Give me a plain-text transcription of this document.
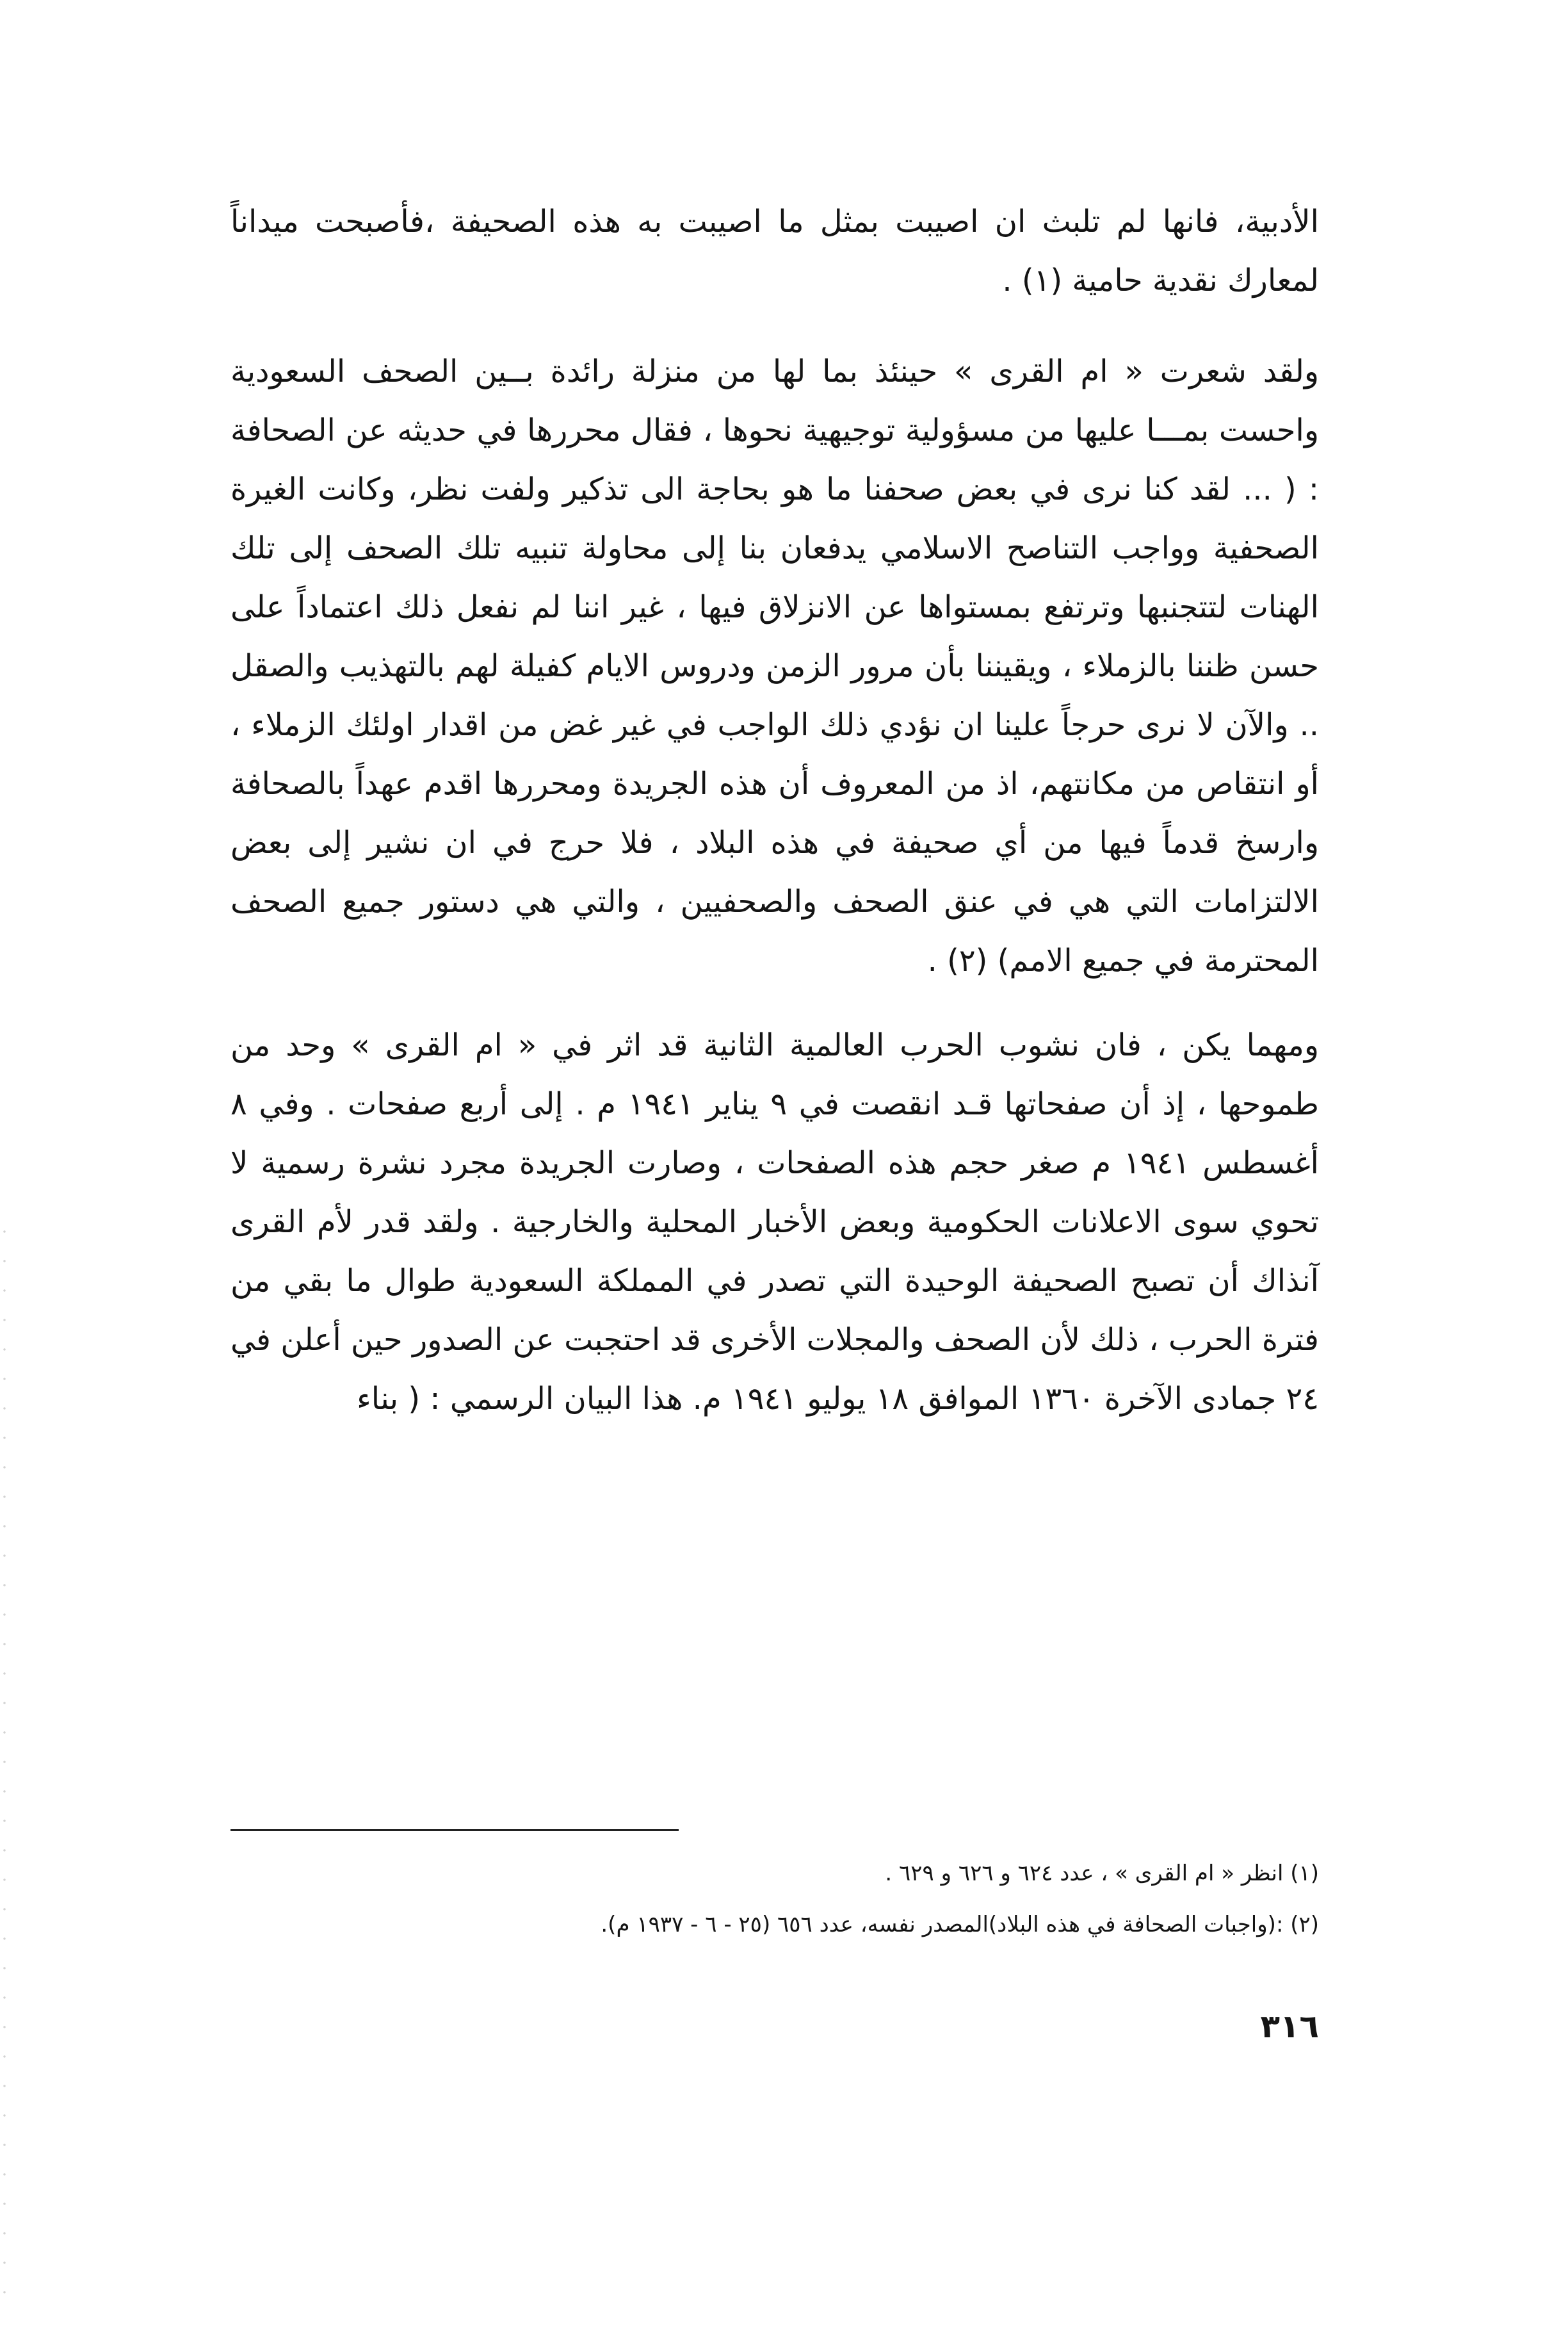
الأدبية، فانها لم تلبث ان اصيبت بمثل ما اصيبت به هذه الصحيفة ،فأصبحت ميداناً لمعارك نقدية حامية (١) .

ولقد شعرت « ام القرى » حينئذ بما لها من منزلة رائدة بــين الصحف السعودية واحست بمـــا عليها من مسؤولية توجيهية نحوها ، فقال محررها في حديثه عن الصحافة : ( ... لقد كنا نرى في بعض صحفنا ما هو بحاجة الى تذكير ولفت نظر، وكانت الغيرة الصحفية وواجب التناصح الاسلامي يدفعان بنا إلى محاولة تنبيه تلك الصحف إلى تلك الهنات لتتجنبها وترتفع بمستواها عن الانزلاق فيها ، غير اننا لم نفعل ذلك اعتماداً على حسن ظننا بالزملاء ، ويقيننا بأن مرور الزمن ودروس الايام كفيلة لهم بالتهذيب والصقل .. والآن لا نرى حرجاً علينا ان نؤدي ذلك الواجب في غير غض من اقدار اولئك الزملاء ، أو انتقاص من مكانتهم، اذ من المعروف أن هذه الجريدة ومحررها اقدم عهداً بالصحافة وارسخ قدماً فيها من أي صحيفة في هذه البلاد ، فلا حرج في ان نشير إلى بعض الالتزامات التي هي في عنق الصحف والصحفيين ، والتي هي دستور جميع الصحف المحترمة في جميع الامم) (٢) .

ومهما يكن ، فان نشوب الحرب العالمية الثانية قد اثر في « ام القرى » وحد من طموحها ، إذ أن صفحاتها قـد انقصت في ٩ يناير ١٩٤١ م . إلى أربع صفحات . وفي ٨ أغسطس ١٩٤١ م صغر حجم هذه الصفحات ، وصارت الجريدة مجرد نشرة رسمية لا تحوي سوى الاعلانات الحكومية وبعض الأخبار المحلية والخارجية . ولقد قدر لأم القرى آنذاك أن تصبح الصحيفة الوحيدة التي تصدر في المملكة السعودية طوال ما بقي من فترة الحرب ، ذلك لأن الصحف والمجلات الأخرى قد احتجبت عن الصدور حين أعلن في ٢٤ جمادى الآخرة ١٣٦٠ الموافق ١٨ يوليو ١٩٤١ م. هذا البيان الرسمي : ( بناء

(١) انظر « ام القرى » ، عدد ٦٢٤ و ٦٢٦ و ٦٢٩ .

(٢) :(واجبات الصحافة في هذه البلاد)المصدر نفسه، عدد ٦٥٦ (٢٥ - ٦ - ١٩٣٧ م).

٣١٦
